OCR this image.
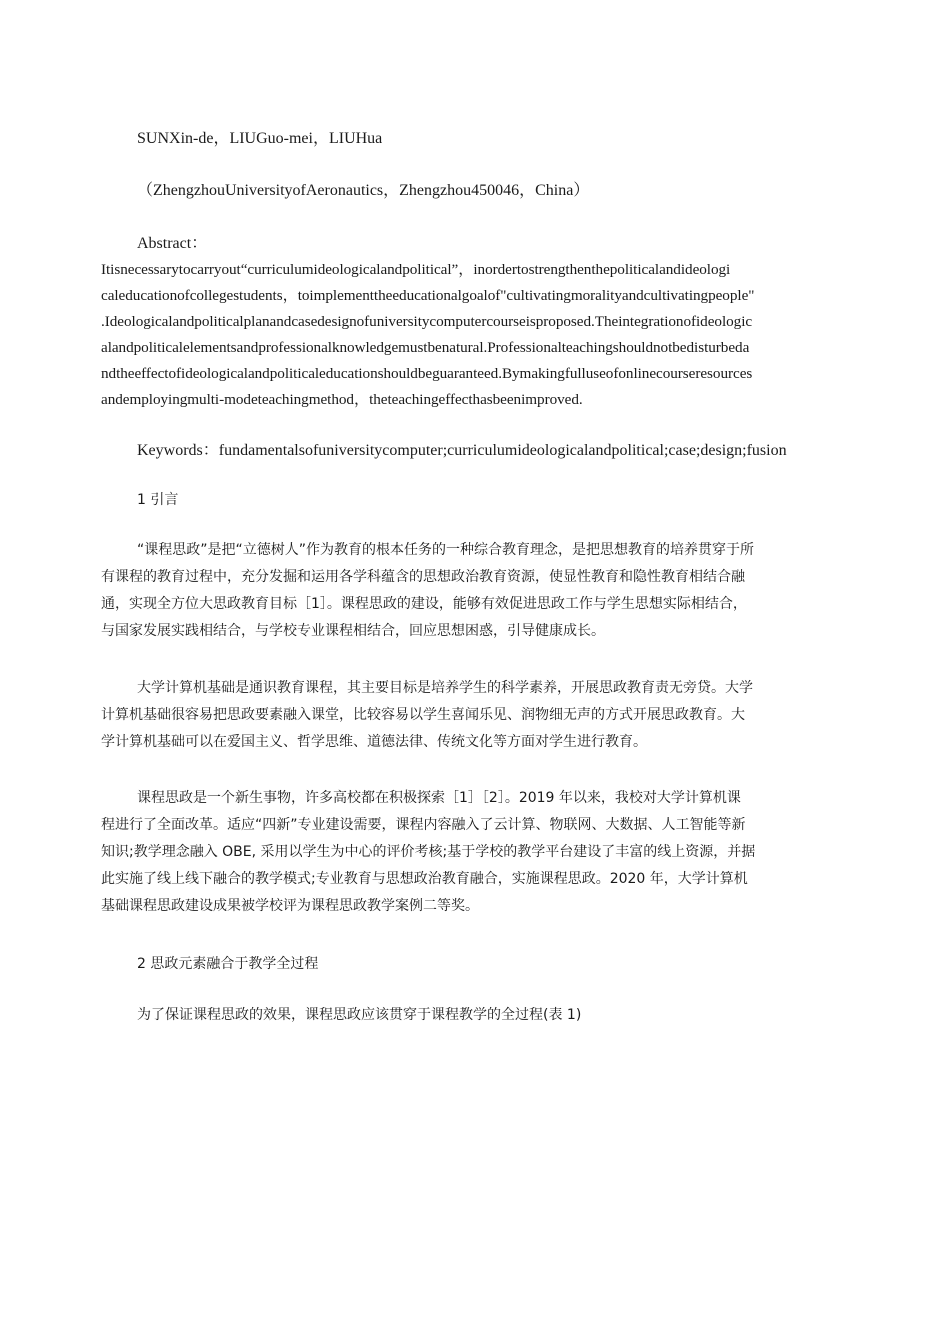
SUNXin-de，LIUGuo-mei，LIUHua
（ZhengzhouUniversityofAeronautics，Zhengzhou450046，China）
Abstract：
Itisnecessarytocarryout“curriculumideologicalandpolitical”，inordertostrengthenthepoliticalandideologi
caleducationofcollegestudents，toimplementtheeducationalgoalof"cultivatingmoralityandcultivatingpeople"
.Ideologicalandpoliticalplanandcasedesignofuniversitycomputercourseisproposed.Theintegrationofideologic
alandpoliticalelementsandprofessionalknowledgemustbenatural.Professionalteachingshouldnotbedisturbeda
ndtheeffectofideologicalandpoliticaleducationshouldbeguaranteed.Bymakingfulluseofonlinecourseresources
andemployingmulti-modeteachingmethod，theteachingeffecthasbeenimproved.
Keywords：fundamentalsofuniversitycomputer;curriculumideologicalandpolitical;case;design;fusion
1 引言
“课程思政”是把“立德树人”作为教育的根本任务的一种综合教育理念，是把思想教育的培养贯穿于所
有课程的教育过程中，充分发掘和运用各学科蕴含的思想政治教育资源，使显性教育和隐性教育相结合融
通，实现全方位大思政教育目标［1］。课程思政的建设，能够有效促进思政工作与学生思想实际相结合，
与国家发展实践相结合，与学校专业课程相结合，回应思想困惑，引导健康成长。
大学计算机基础是通识教育课程，其主要目标是培养学生的科学素养，开展思政教育责无旁贷。大学
计算机基础很容易把思政要素融入课堂，比较容易以学生喜闻乐见、润物细无声的方式开展思政教育。大
学计算机基础可以在爱国主义、哲学思维、道德法律、传统文化等方面对学生进行教育。
课程思政是一个新生事物，许多高校都在积极探索［1］［2］。2019 年以来，我校对大学计算机课
程进行了全面改革。适应“四新”专业建设需要，课程内容融入了云计算、物联网、大数据、人工智能等新
知识;教学理念融入 OBE, 采用以学生为中心的评价考核;基于学校的教学平台建设了丰富的线上资源，并据
此实施了线上线下融合的教学模式;专业教育与思想政治教育融合，实施课程思政。2020 年，大学计算机
基础课程思政建设成果被学校评为课程思政教学案例二等奖。
2 思政元素融合于教学全过程
为了保证课程思政的效果，课程思政应该贯穿于课程教学的全过程(表 1)
